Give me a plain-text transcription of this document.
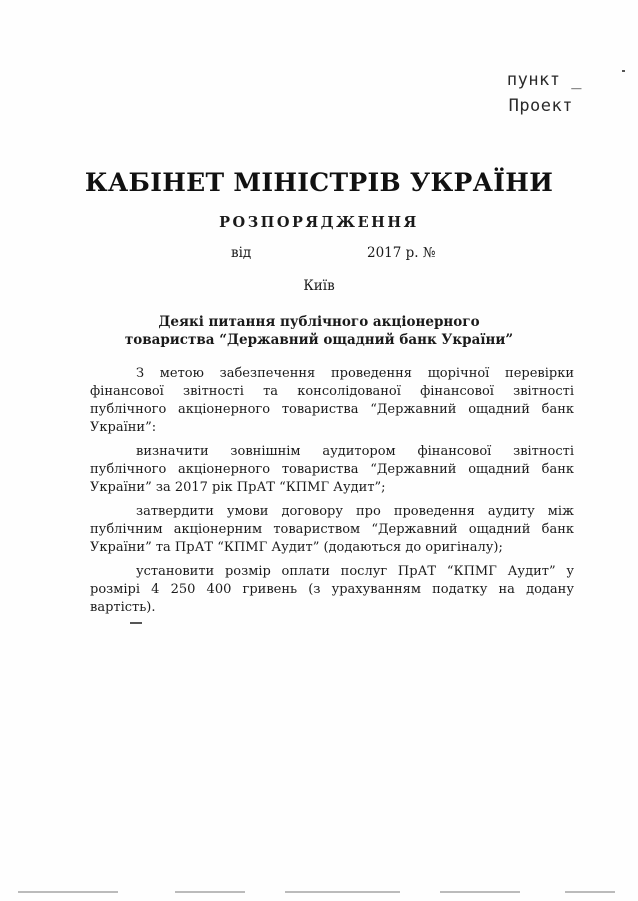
пункт _
Проект
КАБІНЕТ МІНІСТРІВ УКРАЇНИ
РОЗПОРЯДЖЕННЯ
від	2017 р. №
Київ
Деякі питання публічного акціонерного
товариства “Державний ощадний банк України”

З метою забезпечення проведення щорічної перевірки фінансової звітності та консолідованої фінансової звітності публічного акціонерного товариства “Державний ощадний банк України”:

визначити зовнішнім аудитором фінансової звітності публічного акціонерного товариства “Державний ощадний банк України” за 2017 рік ПрАТ “КПМГ Аудит”;

затвердити умови договору про проведення аудиту між публічним акціонерним товариством “Державний ощадний банк України” та ПрАТ “КПМГ Аудит” (додаються до оригіналу);

установити розмір оплати послуг ПрАТ “КПМГ Аудит” у розмірі 4 250 400 гривень (з урахуванням податку на додану вартість).
